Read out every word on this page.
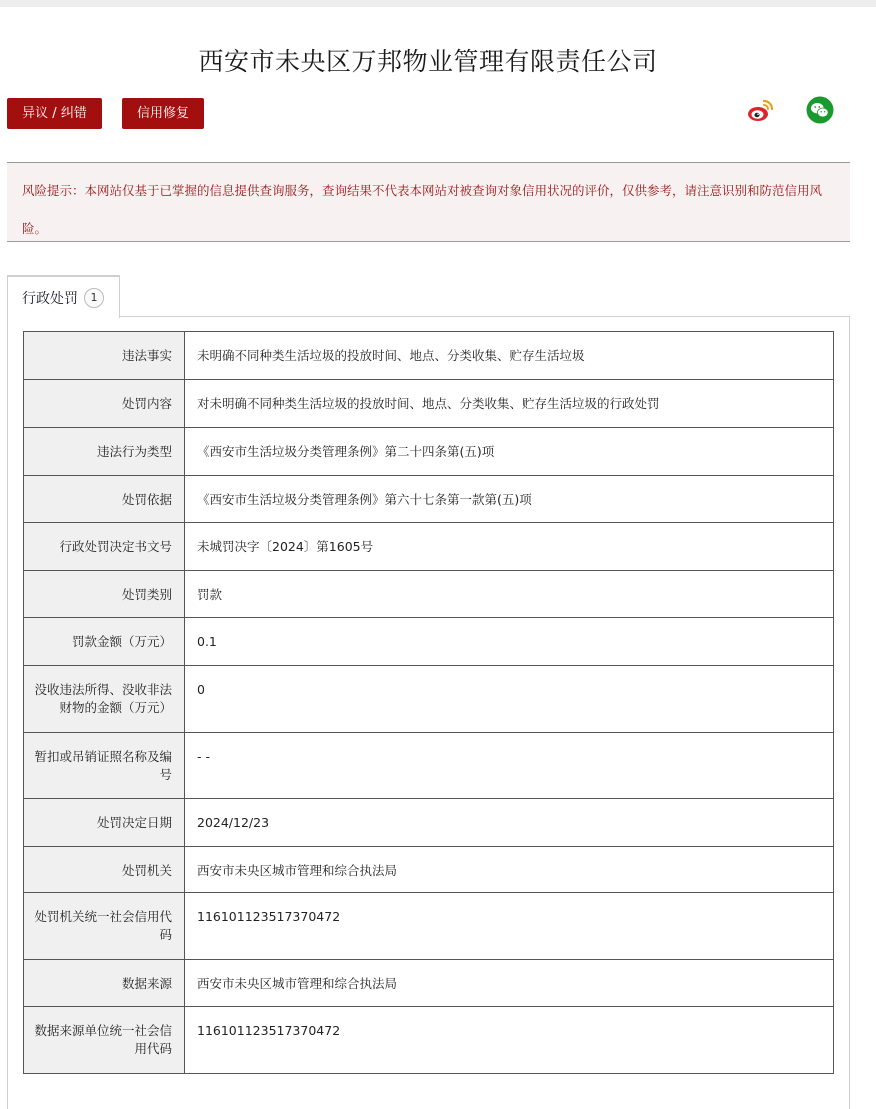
西安市未央区万邦物业管理有限责任公司
异议 / 纠错	信用修复
风险提示：本网站仅基于已掌握的信息提供查询服务，查询结果不代表本网站对被查询对象信用状况的评价，仅供参考，请注意识别和防范信用风险。
行政处罚	1
违法事实	未明确不同种类生活垃圾的投放时间、地点、分类收集、贮存生活垃圾

处罚内容	对未明确不同种类生活垃圾的投放时间、地点、分类收集、贮存生活垃圾的行政处罚

违法行为类型	《西安市生活垃圾分类管理条例》第二十四条第(五)项

处罚依据	《西安市生活垃圾分类管理条例》第六十七条第一款第(五)项

行政处罚决定书文号	未城罚决字〔2024〕第1605号

处罚类别	罚款

罚款金额（万元）	0.1

没收违法所得、没收非法财物的金额（万元）	0

暂扣或吊销证照名称及编号	- -

处罚决定日期	2024/12/23

处罚机关	西安市未央区城市管理和综合执法局

处罚机关统一社会信用代码	11610112351737047​2

数据来源	西安市未央区城市管理和综合执法局

数据来源单位统一社会信用代码	116101123517370472
